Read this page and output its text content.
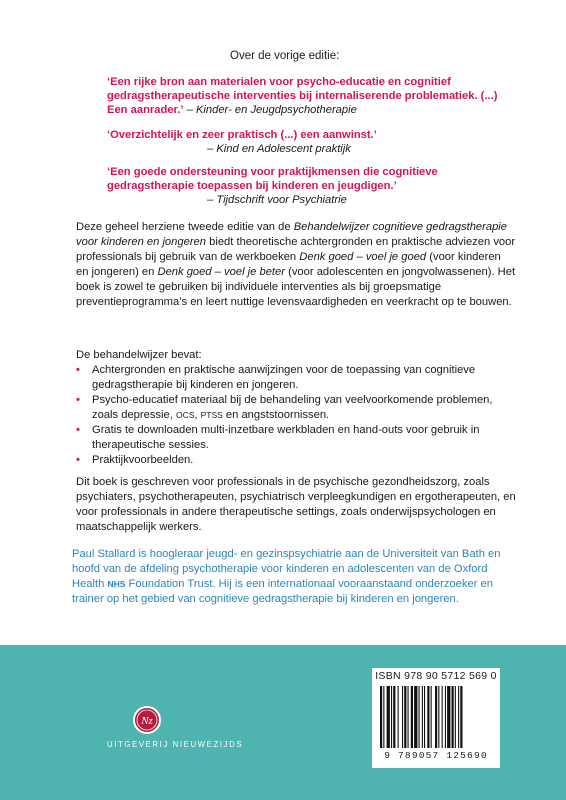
Over de vorige editie:
‘Een rijke bron aan materialen voor psycho-educatie en cognitief gedragstherapeutische interventies bij internaliserende problematiek. (...) Een aanrader.’ – Kinder- en Jeugdpsychotherapie
‘Overzichtelijk en zeer praktisch (...) een aanwinst.’
– Kind en Adolescent praktijk
‘Een goede ondersteuning voor praktijkmensen die cognitieve gedragstherapie toepassen bij kinderen en jeugdigen.’
– Tijdschrift voor Psychiatrie
Deze geheel herziene tweede editie van de Behandelwijzer cognitieve gedragstherapie voor kinderen en jongeren biedt theoretische achtergronden en praktische adviezen voor professionals bij gebruik van de werkboeken Denk goed – voel je goed (voor kinderen en jongeren) en Denk goed – voel je beter (voor adolescenten en jongvolwassenen). Het boek is zowel te gebruiken bij individuele interventies als bij groepsmatige preventieprogramma’s en leert nuttige levensvaardigheden en veerkracht op te bouwen.
De behandelwijzer bevat:
• Achtergronden en praktische aanwijzingen voor de toepassing van cognitieve gedragstherapie bij kinderen en jongeren.
• Psycho-educatief materiaal bij de behandeling van veelvoorkomende problemen, zoals depressie, OCS, PTSS en angststoornissen.
• Gratis te downloaden multi-inzetbare werkbladen en hand-outs voor gebruik in therapeutische sessies.
• Praktijkvoorbeelden.
Dit boek is geschreven voor professionals in de psychische gezondheidszorg, zoals psychiaters, psychotherapeuten, psychiatrisch verpleegkundigen en ergotherapeuten, en voor professionals in andere therapeutische settings, zoals onderwijspsychologen en maatschappelijk werkers.
Paul Stallard is hoogleraar jeugd- en gezinspsychiatrie aan de Universiteit van Bath en hoofd van de afdeling psychotherapie voor kinderen en adolescenten van de Oxford Health NHS Foundation Trust. Hij is een internationaal vooraanstaand onderzoeker en trainer op het gebied van cognitieve gedragstherapie bij kinderen en jongeren.
ISBN 978 90 5712 569 0
9 789057 125690
Nz
UITGEVERIJ NIEUWEZIJDS
